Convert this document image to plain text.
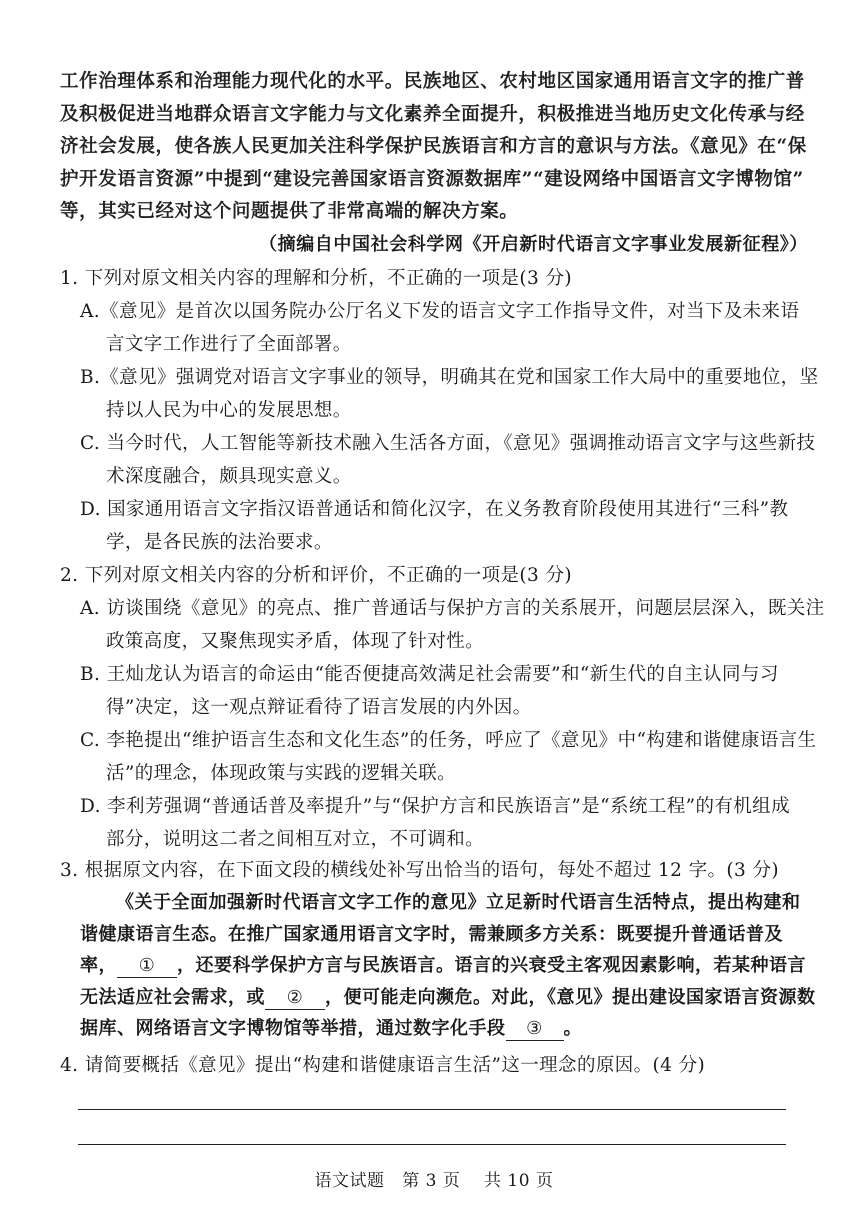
工作治理体系和治理能力现代化的水平。民族地区、农村地区国家通用语言文字的推广普
及积极促进当地群众语言文字能力与文化素养全面提升，积极推进当地历史文化传承与经
济社会发展，使各族人民更加关注科学保护民族语言和方言的意识与方法。《意见》在“保
护开发语言资源”中提到“建设完善国家语言资源数据库”“建设网络中国语言文字博物馆”
等，其实已经对这个问题提供了非常高端的解决方案。
（摘编自中国社会科学网《开启新时代语言文字事业发展新征程》）
1. 下列对原文相关内容的理解和分析，不正确的一项是(3 分)
A.《意见》是首次以国务院办公厅名义下发的语言文字工作指导文件，对当下及未来语
言文字工作进行了全面部署。
B.《意见》强调党对语言文字事业的领导，明确其在党和国家工作大局中的重要地位，坚
持以人民为中心的发展思想。
C. 当今时代，人工智能等新技术融入生活各方面，《意见》强调推动语言文字与这些新技
术深度融合，颇具现实意义。
D. 国家通用语言文字指汉语普通话和简化汉字，在义务教育阶段使用其进行“三科”教
学，是各民族的法治要求。
2. 下列对原文相关内容的分析和评价，不正确的一项是(3 分)
A. 访谈围绕《意见》的亮点、推广普通话与保护方言的关系展开，问题层层深入，既关注
政策高度，又聚焦现实矛盾，体现了针对性。
B. 王灿龙认为语言的命运由“能否便捷高效满足社会需要”和“新生代的自主认同与习
得”决定，这一观点辩证看待了语言发展的内外因。
C. 李艳提出“维护语言生态和文化生态”的任务，呼应了《意见》中“构建和谐健康语言生
活”的理念，体现政策与实践的逻辑关联。
D. 李利芳强调“普通话普及率提升”与“保护方言和民族语言”是“系统工程”的有机组成
部分，说明这二者之间相互对立，不可调和。
3. 根据原文内容，在下面文段的横线处补写出恰当的语句，每处不超过 12 字。(3 分)
《关于全面加强新时代语言文字工作的意见》立足新时代语言生活特点，提出构建和
谐健康语言生态。在推广国家通用语言文字时，需兼顾多方关系：既要提升普通话普及
率， ① ，还要科学保护方言与民族语言。语言的兴衰受主客观因素影响，若某种语言
无法适应社会需求，或 ② ，便可能走向濒危。对此，《意见》提出建设国家语言资源数
据库、网络语言文字博物馆等举措，通过数字化手段 ③ 。
4. 请简要概括《意见》提出“构建和谐健康语言生活”这一理念的原因。(4 分)
语文试题 第 3 页 共 10 页
